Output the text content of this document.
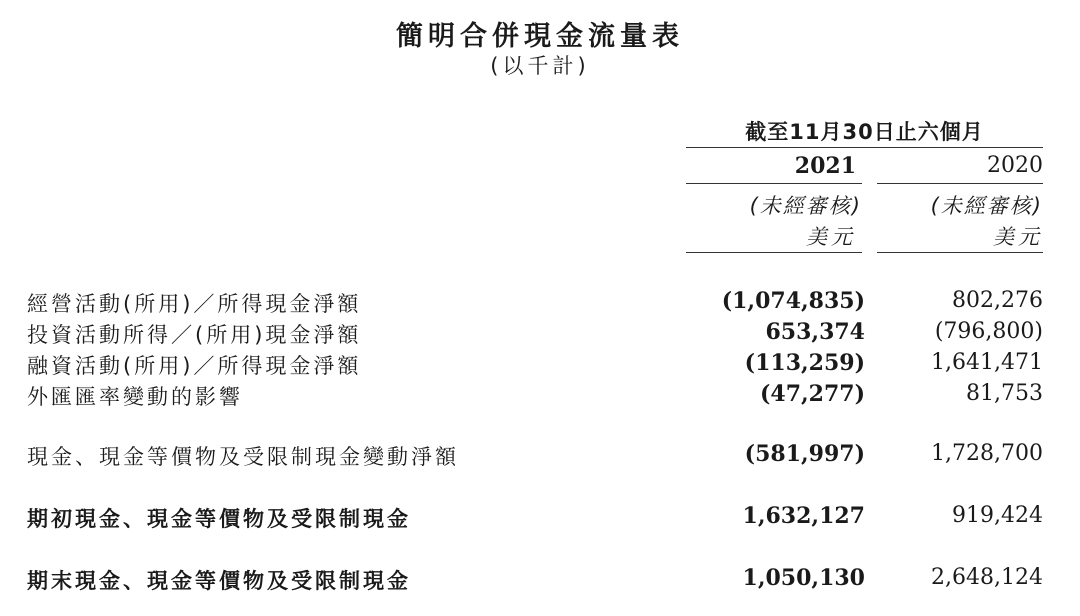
簡明合併現金流量表
(以千計)
截至11月30日止六個月
2021
(未經審核)
美元
2020
(未經審核)
美元
經營活動(所用)／所得現金淨額	(1,074,835)	802,276
投資活動所得／(所用)現金淨額	653,374	(796,800)
融資活動(所用)／所得現金淨額	(113,259)	1,641,471
外匯匯率變動的影響	(47,277)	81,753
現金、現金等價物及受限制現金變動淨額	(581,997)	1,728,700
期初現金、現金等價物及受限制現金	1,632,127	919,424
期末現金、現金等價物及受限制現金	1,050,130	2,648,124
